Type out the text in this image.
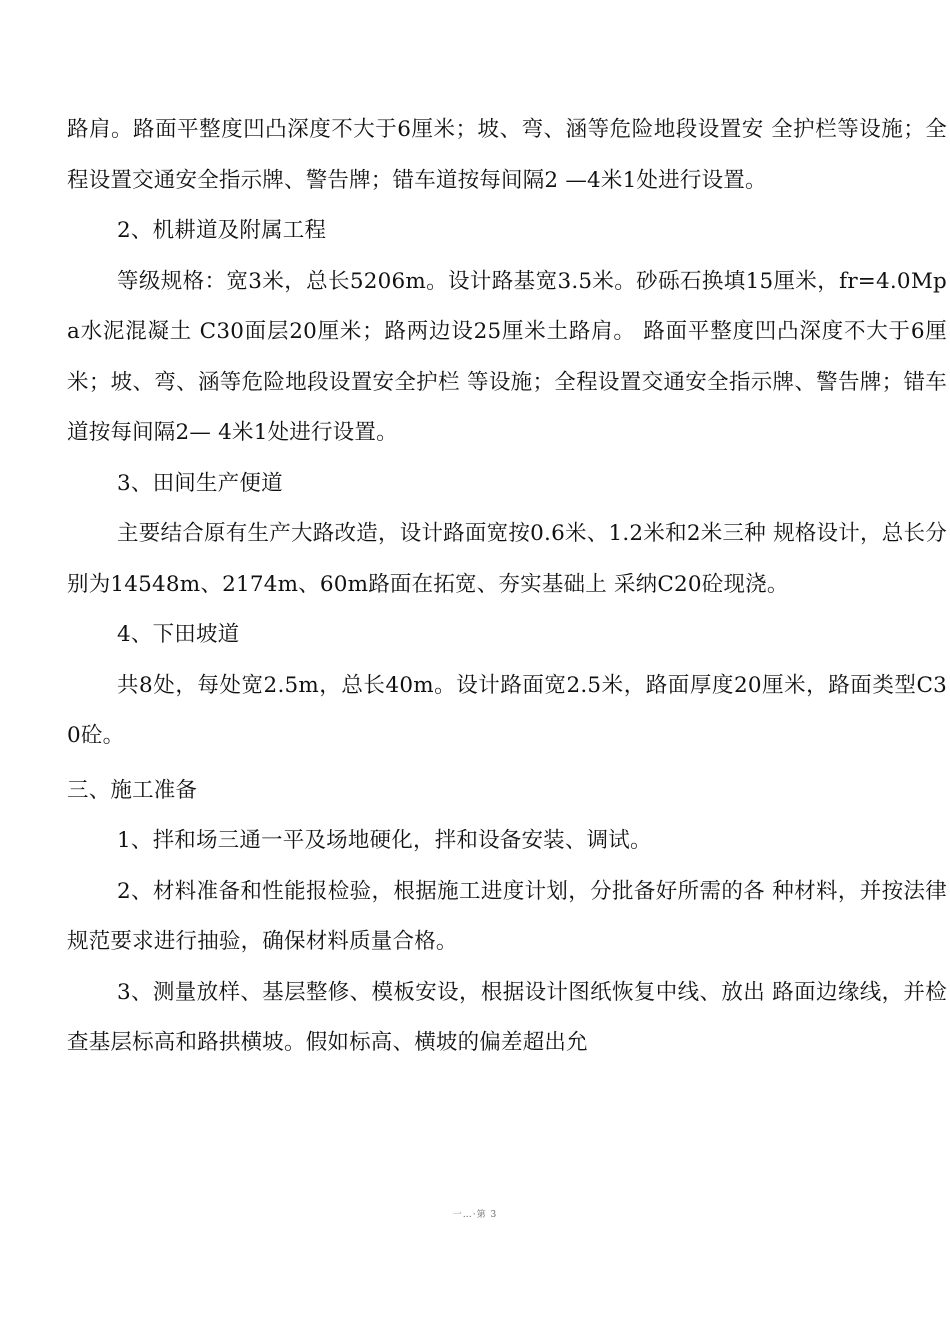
路肩。路面平整度凹凸深度不大于6厘米；坡、弯、涵等危险地段设置安 全护栏等设施；全程设置交通安全指示牌、警告牌；错车道按每间隔2 —4米1处进行设置。

2、机耕道及附属工程

等级规格：宽3米，总长5206m。设计路基宽3.5米。砂砾石换填15厘米，fr=4.0Mpa水泥混凝土 C30面层20厘米；路两边设25厘米土路肩。 路面平整度凹凸深度不大于6厘米；坡、弯、涵等危险地段设置安全护栏 等设施；全程设置交通安全指示牌、警告牌；错车道按每间隔2— 4米1处进行设置。

3、田间生产便道

主要结合原有生产大路改造，设计路面宽按0.6米、1.2米和2米三种 规格设计，总长分别为14548m、2174m、60m路面在拓宽、夯实基础上 采纳C20砼现浇。

4、下田坡道

共8处，每处宽2.5m，总长40m。设计路面宽2.5米，路面厚度20厘米，路面类型C30砼。

三、施工准备

1、拌和场三通一平及场地硬化，拌和设备安装、调试。

2、材料准备和性能报检验，根据施工进度计划，分批备好所需的各 种材料，并按法律规范要求进行抽验，确保材料质量合格。

3、测量放样、基层整修、模板安设，根据设计图纸恢复中线、放出 路面边缘线，并检查基层标高和路拱横坡。假如标高、横坡的偏差超出允

一…·第 3
